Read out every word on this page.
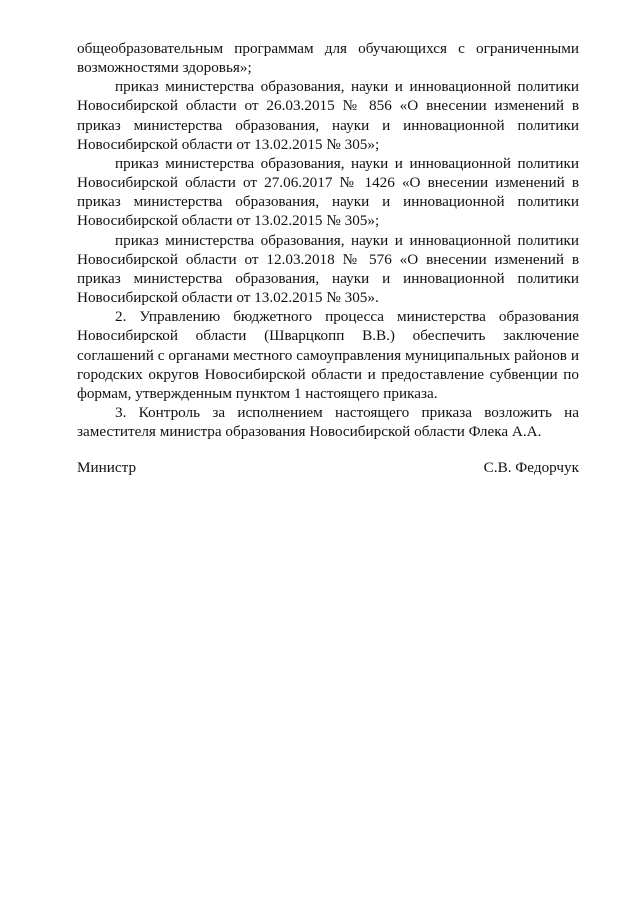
общеобразовательным программам для обучающихся с ограниченными возможностями здоровья»;

приказ министерства образования, науки и инновационной политики Новосибирской области от 26.03.2015 № 856 «О внесении изменений в приказ министерства образования, науки и инновационной политики Новосибирской области от 13.02.2015 № 305»;

приказ министерства образования, науки и инновационной политики Новосибирской области от 27.06.2017 № 1426 «О внесении изменений в приказ министерства образования, науки и инновационной политики Новосибирской области от 13.02.2015 № 305»;

приказ министерства образования, науки и инновационной политики Новосибирской области от 12.03.2018 № 576 «О внесении изменений в приказ министерства образования, науки и инновационной политики Новосибирской области от 13.02.2015 № 305».

2. Управлению бюджетного процесса министерства образования Новосибирской области (Шварцкопп В.В.) обеспечить заключение соглашений с органами местного самоуправления муниципальных районов и городских округов Новосибирской области и предоставление субвенции по формам, утвержденным пунктом 1 настоящего приказа.

3. Контроль за исполнением настоящего приказа возложить на заместителя министра образования Новосибирской области Флека А.А.

Министр	С.В. Федорчук
